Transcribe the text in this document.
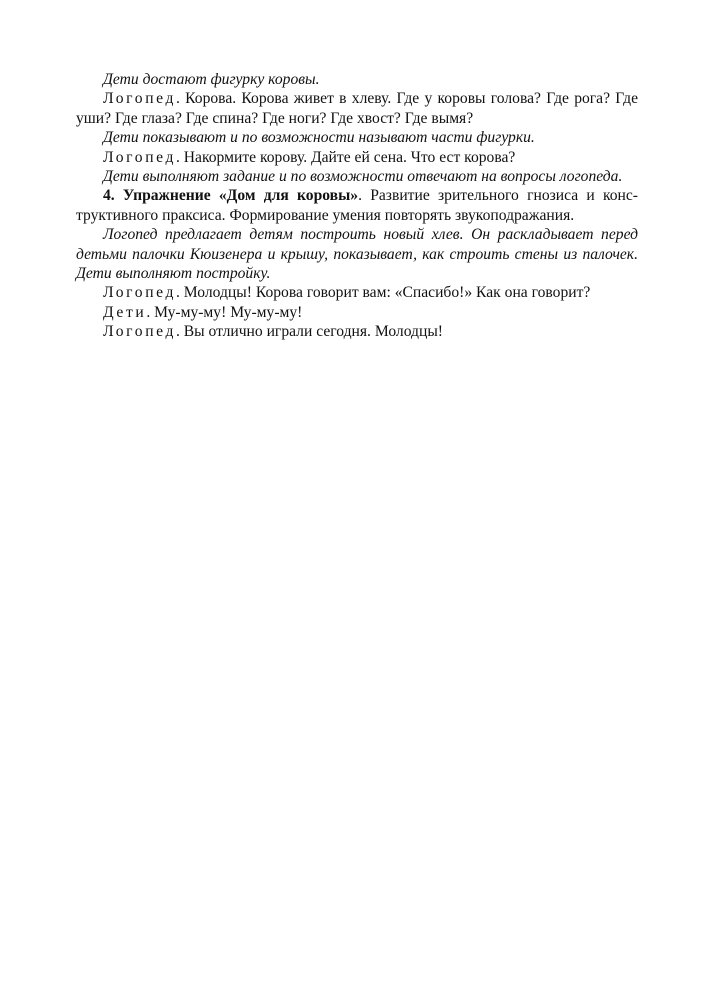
Дети достают фигурку коровы.

Логопед. Корова. Корова живет в хлеву. Где у коровы голова? Где рога? Где уши? Где глаза? Где спина? Где ноги? Где хвост? Где вымя?

Дети показывают и по возможности называют части фигурки.

Логопед. Накормите корову. Дайте ей сена. Что ест корова?

Дети выполняют задание и по возможности отвечают на вопросы логопеда.

4. Упражнение «Дом для коровы». Развитие зрительного гнозиса и конструктивного праксиса. Формирование умения повторять звукоподражания.

Логопед предлагает детям построить новый хлев. Он раскладывает перед детьми палочки Кюизенера и крышу, показывает, как строить стены из палочек. Дети выполняют постройку.

Логопед. Молодцы! Корова говорит вам: «Спасибо!» Как она говорит?

Дети. Му-му-му! Му-му-му!

Логопед. Вы отлично играли сегодня. Молодцы!
